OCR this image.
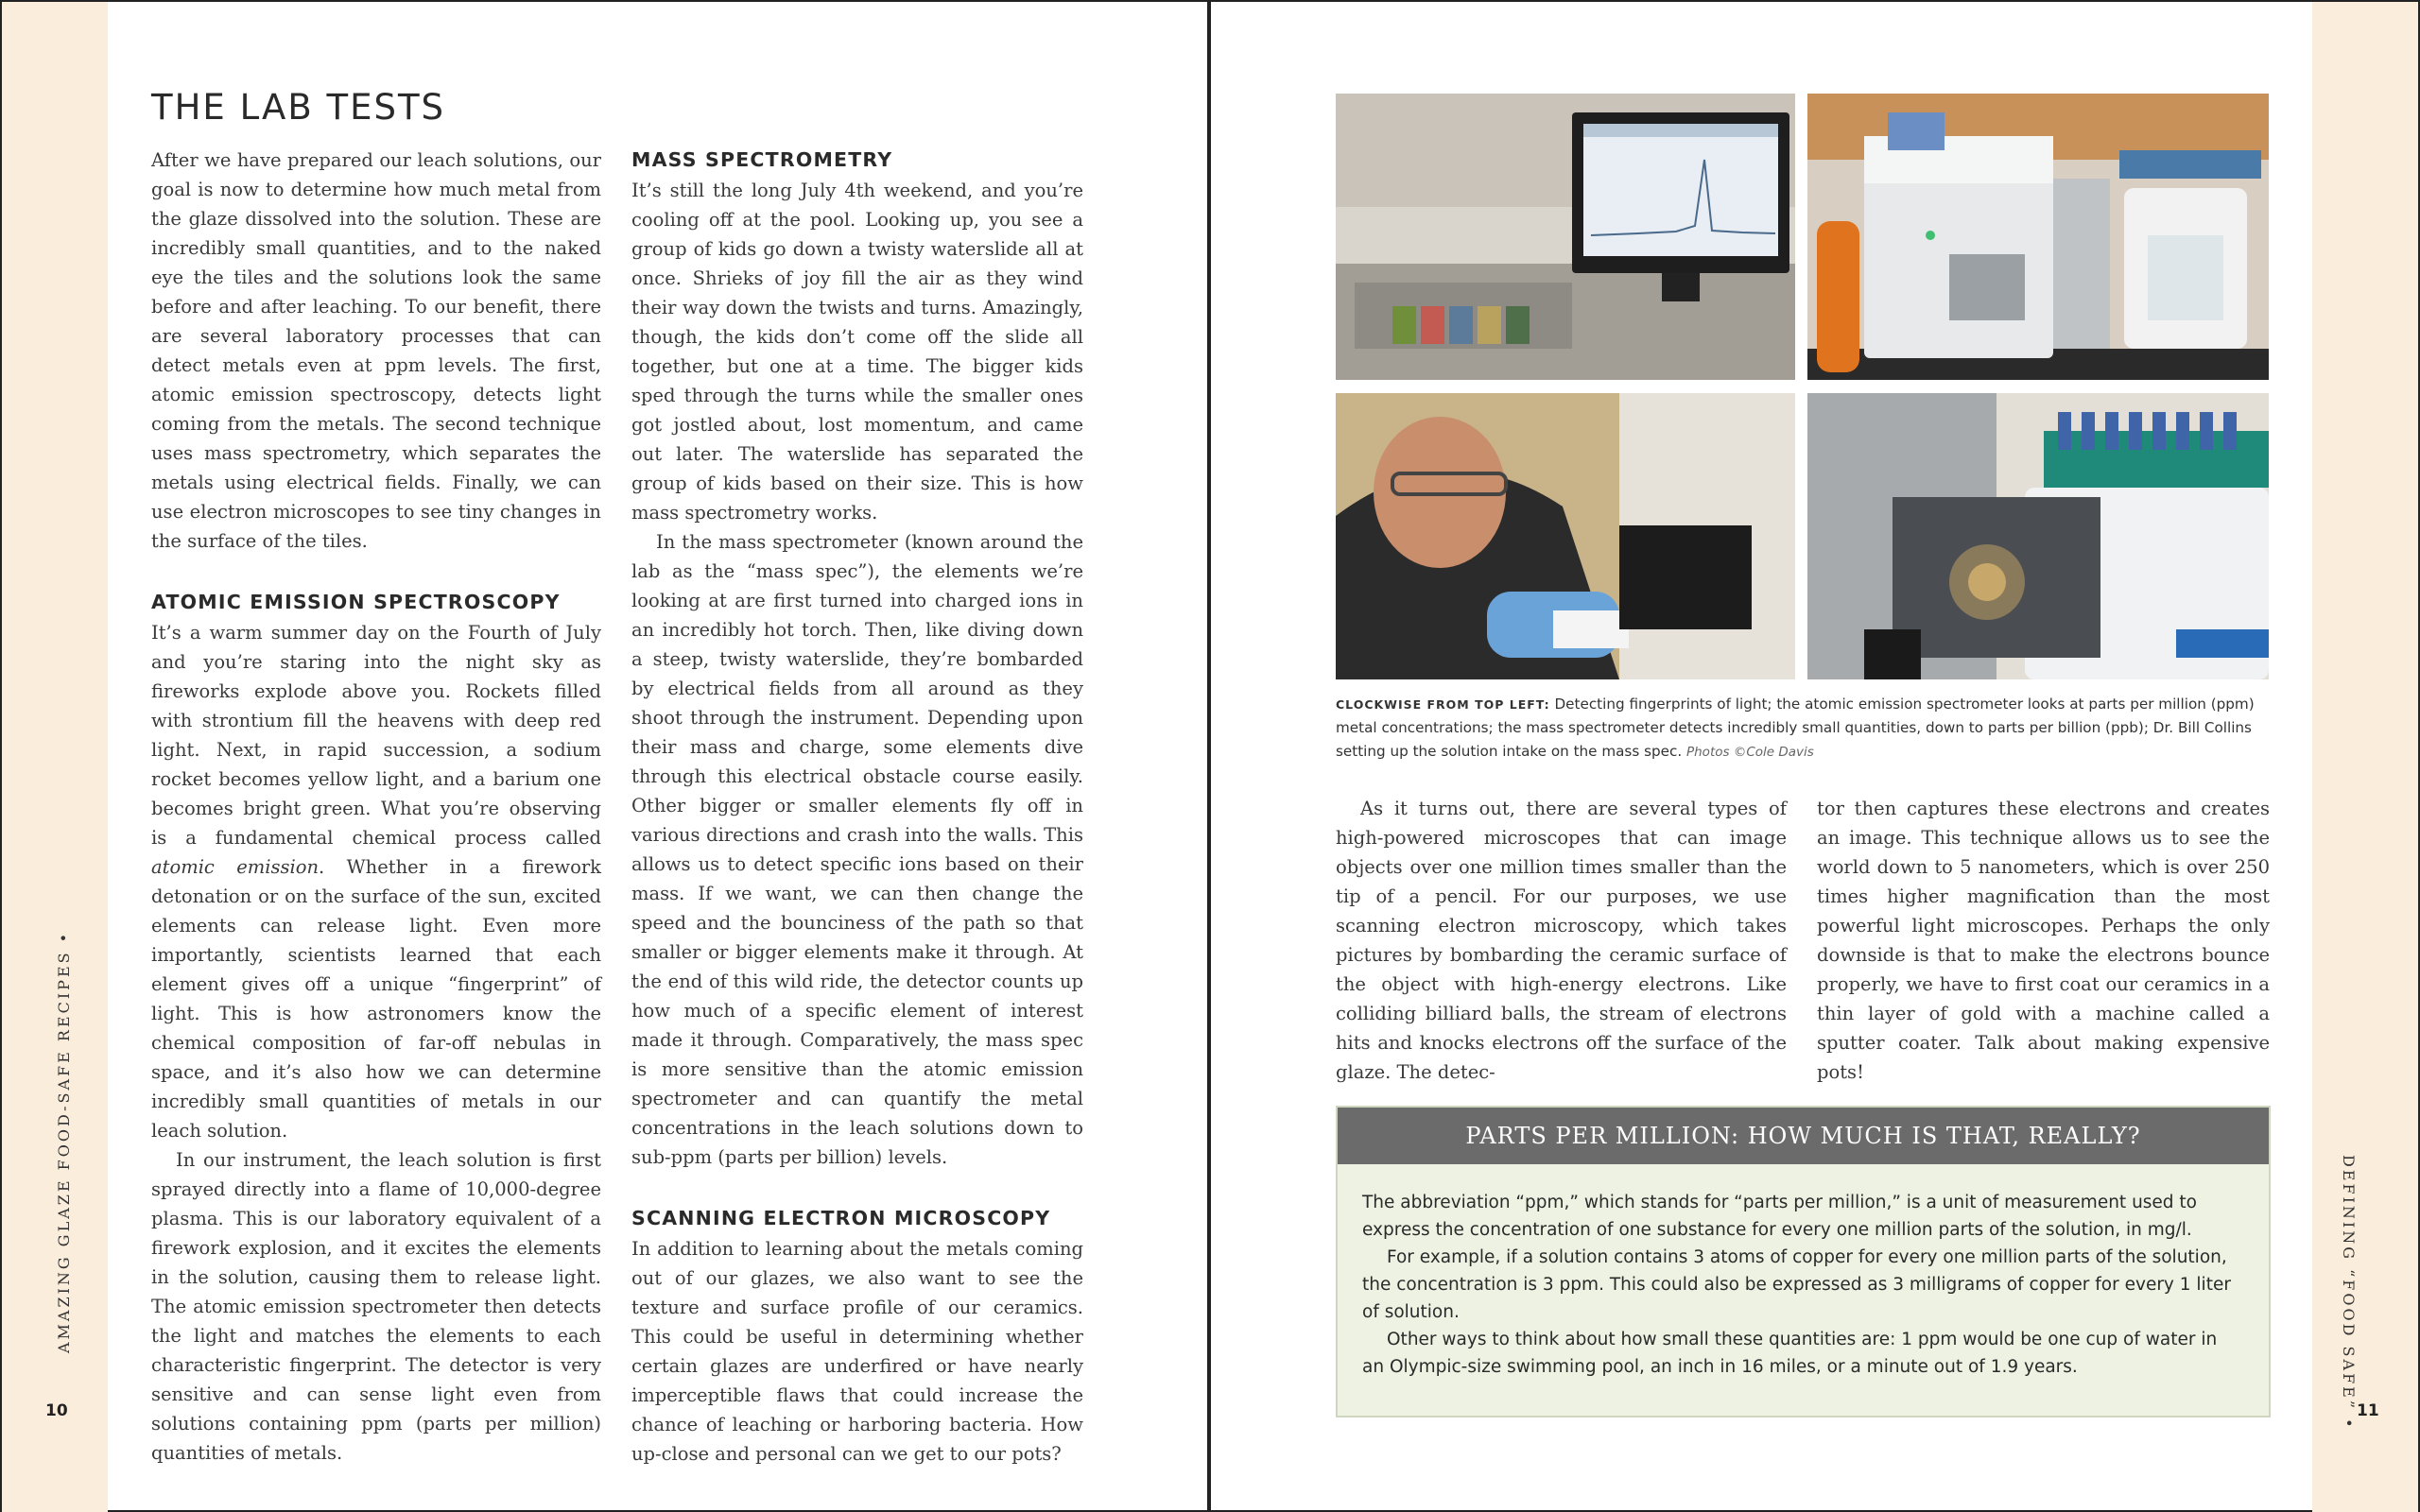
AMAZING GLAZE FOOD-SAFE RECIPES •
10	DEFINING “FOOD SAFE” •
11
THE LAB TESTS

After we have prepared our leach solutions, our goal is now to determine how much metal from the glaze dissolved into the solution. These are incredibly small quantities, and to the naked eye the tiles and the solutions look the same before and after leaching. To our benefit, there are several laboratory processes that can detect metals even at ppm levels. The first, atomic emission spectroscopy, detects light coming from the metals. The second technique uses mass spectrometry, which separates the metals using electrical fields. Finally, we can use electron microscopes to see tiny changes in the surface of the tiles.

ATOMIC EMISSION SPECTROSCOPY

It’s a warm summer day on the Fourth of July and you’re staring into the night sky as fireworks explode above you. Rockets filled with strontium fill the heavens with deep red light. Next, in rapid succession, a sodium rocket becomes yellow light, and a barium one becomes bright green. What you’re observing is a fundamental chemical process called atomic emission. Whether in a firework detonation or on the surface of the sun, excited elements can release light. Even more importantly, scientists learned that each element gives off a unique “fingerprint” of light. This is how astronomers know the chemical composition of far-off nebulas in space, and it’s also how we can determine incredibly small quantities of metals in our leach solution.

In our instrument, the leach solution is first sprayed directly into a flame of 10,000-degree plasma. This is our laboratory equivalent of a firework explosion, and it excites the elements in the solution, causing them to release light. The atomic emission spectrometer then detects the light and matches the elements to each characteristic fingerprint. The detector is very sensitive and can sense light even from solutions containing ppm (parts per million) quantities of metals.

MASS SPECTROMETRY

It’s still the long July 4th weekend, and you’re cooling off at the pool. Looking up, you see a group of kids go down a twisty waterslide all at once. Shrieks of joy fill the air as they wind their way down the twists and turns. Amazingly, though, the kids don’t come off the slide all together, but one at a time. The bigger kids sped through the turns while the smaller ones got jostled about, lost momentum, and came out later. The waterslide has separated the group of kids based on their size. This is how mass spectrometry works.

In the mass spectrometer (known around the lab as the “mass spec”), the elements we’re looking at are first turned into charged ions in an incredibly hot torch. Then, like diving down a steep, twisty waterslide, they’re bombarded by electrical fields from all around as they shoot through the instrument. Depending upon their mass and charge, some elements dive through this electrical obstacle course easily. Other bigger or smaller elements fly off in various directions and crash into the walls. This allows us to detect specific ions based on their mass. If we want, we can then change the speed and the bounciness of the path so that smaller or bigger elements make it through. At the end of this wild ride, the detector counts up how much of a specific element of interest made it through. Comparatively, the mass spec is more sensitive than the atomic emission spectrometer and can quantify the metal concentrations in the leach solutions down to sub-ppm (parts per billion) levels.

SCANNING ELECTRON MICROSCOPY

In addition to learning about the metals coming out of our glazes, we also want to see the texture and surface profile of our ceramics. This could be useful in determining whether certain glazes are underfired or have nearly imperceptible flaws that could increase the chance of leaching or harboring bacteria. How up-close and personal can we get to our pots?

CLOCKWISE FROM TOP LEFT: Detecting fingerprints of light; the atomic emission spectrometer looks at parts per million (ppm) metal concentrations; the mass spectrometer detects incredibly small quantities, down to parts per billion (ppb); Dr. Bill Collins setting up the solution intake on the mass spec. Photos ©Cole Davis

As it turns out, there are several types of high-powered microscopes that can image objects over one million times smaller than the tip of a pencil. For our purposes, we use scanning electron microscopy, which takes pictures by bombarding the ceramic surface of the object with high-energy electrons. Like colliding billiard balls, the stream of electrons hits and knocks electrons off the surface of the glaze. The detec-

tor then captures these electrons and creates an image. This technique allows us to see the world down to 5 nanometers, which is over 250 times higher magnification than the most powerful light microscopes. Perhaps the only downside is that to make the electrons bounce properly, we have to first coat our ceramics in a thin layer of gold with a machine called a sputter coater. Talk about making expensive pots!

PARTS PER MILLION: HOW MUCH IS THAT, REALLY?

The abbreviation “ppm,” which stands for “parts per million,” is a unit of measurement used to express the concentration of one substance for every one million parts of the solution, in mg/l.

For example, if a solution contains 3 atoms of copper for every one million parts of the solution, the concentration is 3 ppm. This could also be expressed as 3 milligrams of copper for every 1 liter of solution.

Other ways to think about how small these quantities are: 1 ppm would be one cup of water in an Olympic-size swimming pool, an inch in 16 miles, or a minute out of 1.9 years.
